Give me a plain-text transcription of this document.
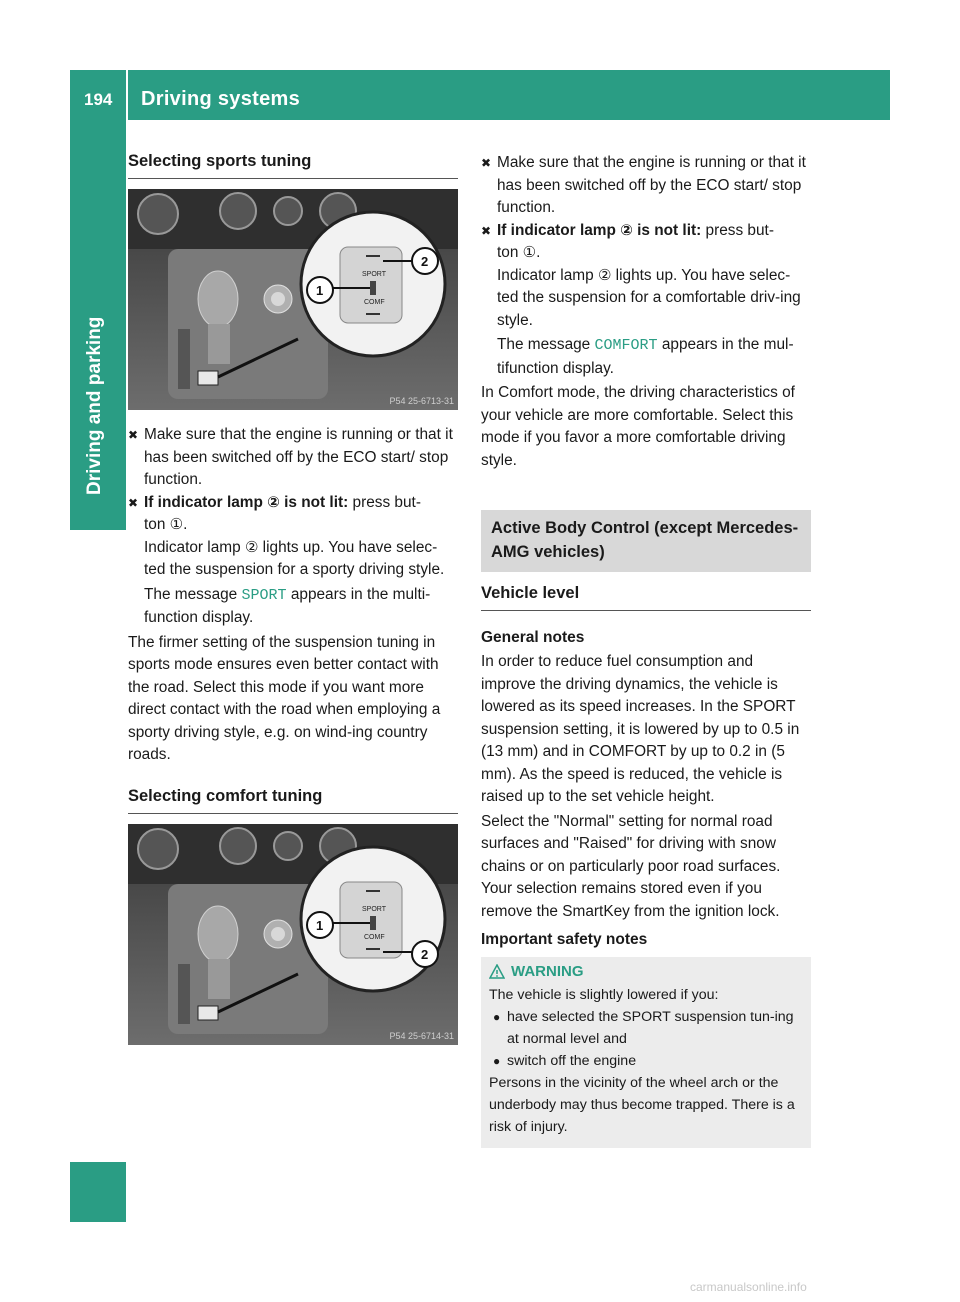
194 Driving systems
Driving and parking
Selecting sports tuning
SPORT
COMF
1
2
P54 25-6713-31
✖ Make sure that the engine is running or that it has been switched off by the ECO start/ stop function.

✖ If indicator lamp ② is not lit: press but-
ton ①.
Indicator lamp ② lights up. You have selec-ted the suspension for a sporty driving style.

The message SPORT appears in the multi-function display.

The firmer setting of the suspension tuning in sports mode ensures even better contact with the road. Select this mode if you want more direct contact with the road when employing a sporty driving style, e.g. on wind-ing country roads.

Selecting comfort tuning
SPORT
COMF
1
2
P54 25-6714-31
✖ Make sure that the engine is running or that it has been switched off by the ECO start/ stop function.

✖ If indicator lamp ② is not lit: press but-
ton ①.
Indicator lamp ② lights up. You have selec-ted the suspension for a comfortable driv-ing style.

The message COMFORT appears in the mul-tifunction display.

In Comfort mode, the driving characteristics of your vehicle are more comfortable. Select this mode if you favor a more comfortable driving style.

Active Body Control (except Mercedes-AMG vehicles)
Vehicle level
General notes

In order to reduce fuel consumption and improve the driving dynamics, the vehicle is lowered as its speed increases. In the SPORT suspension setting, it is lowered by up to 0.5 in (13 mm) and in COMFORT by up to 0.2 in (5 mm). As the speed is reduced, the vehicle is raised up to the set vehicle height.

Select the "Normal" setting for normal road surfaces and "Raised" for driving with snow chains or on particularly poor road surfaces. Your selection remains stored even if you remove the SmartKey from the ignition lock.

Important safety notes
WARNING

The vehicle is slightly lowered if you:

● have selected the SPORT suspension tun-ing at normal level and
● switch off the engine

Persons in the vicinity of the wheel arch or the underbody may thus become trapped. There is a risk of injury.

carmanualsonline.info
